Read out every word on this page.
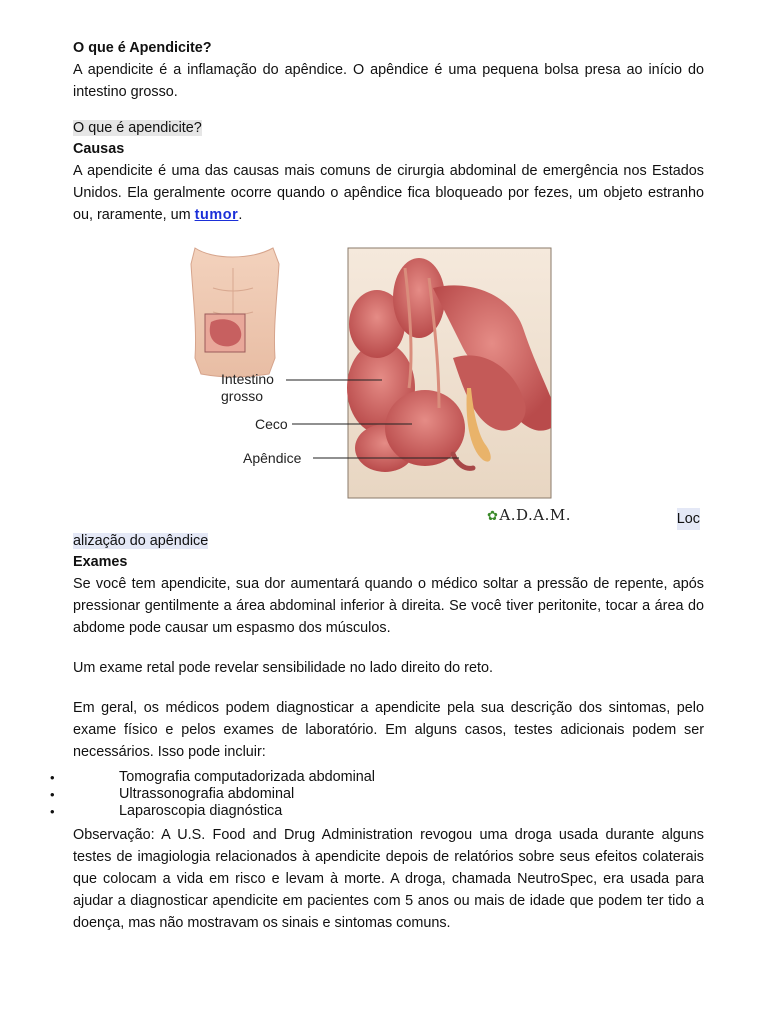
O que é Apendicite?

A apendicite é a inflamação do apêndice. O apêndice é uma pequena bolsa presa ao início do intestino grosso.

O que é apendicite?

Causas

A apendicite é uma das causas mais comuns de cirurgia abdominal de emergência nos Estados Unidos. Ela geralmente ocorre quando o apêndice fica bloqueado por fezes, um objeto estranho ou, raramente, um tumor.

Intestino
grosso
Ceco
Apêndice
✿A.D.A.M.	Loc

alização do apêndice

Exames

Se você tem apendicite, sua dor aumentará quando o médico soltar a pressão de repente, após pressionar gentilmente a área abdominal inferior à direita. Se você tiver peritonite, tocar a área do abdome pode causar um espasmo dos músculos.

Um exame retal pode revelar sensibilidade no lado direito do reto.

Em geral, os médicos podem diagnosticar a apendicite pela sua descrição dos sintomas, pelo exame físico e pelos exames de laboratório. Em alguns casos, testes adicionais podem ser necessários. Isso pode incluir:

• Tomografia computadorizada abdominal
• Ultrassonografia abdominal
• Laparoscopia diagnóstica

Observação: A U.S. Food and Drug Administration revogou uma droga usada durante alguns testes de imagiologia relacionados à apendicite depois de relatórios sobre seus efeitos colaterais que colocam a vida em risco e levam à morte. A droga, chamada NeutroSpec, era usada para ajudar a diagnosticar apendicite em pacientes com 5 anos ou mais de idade que podem ter tido a doença, mas não mostravam os sinais e sintomas comuns.
